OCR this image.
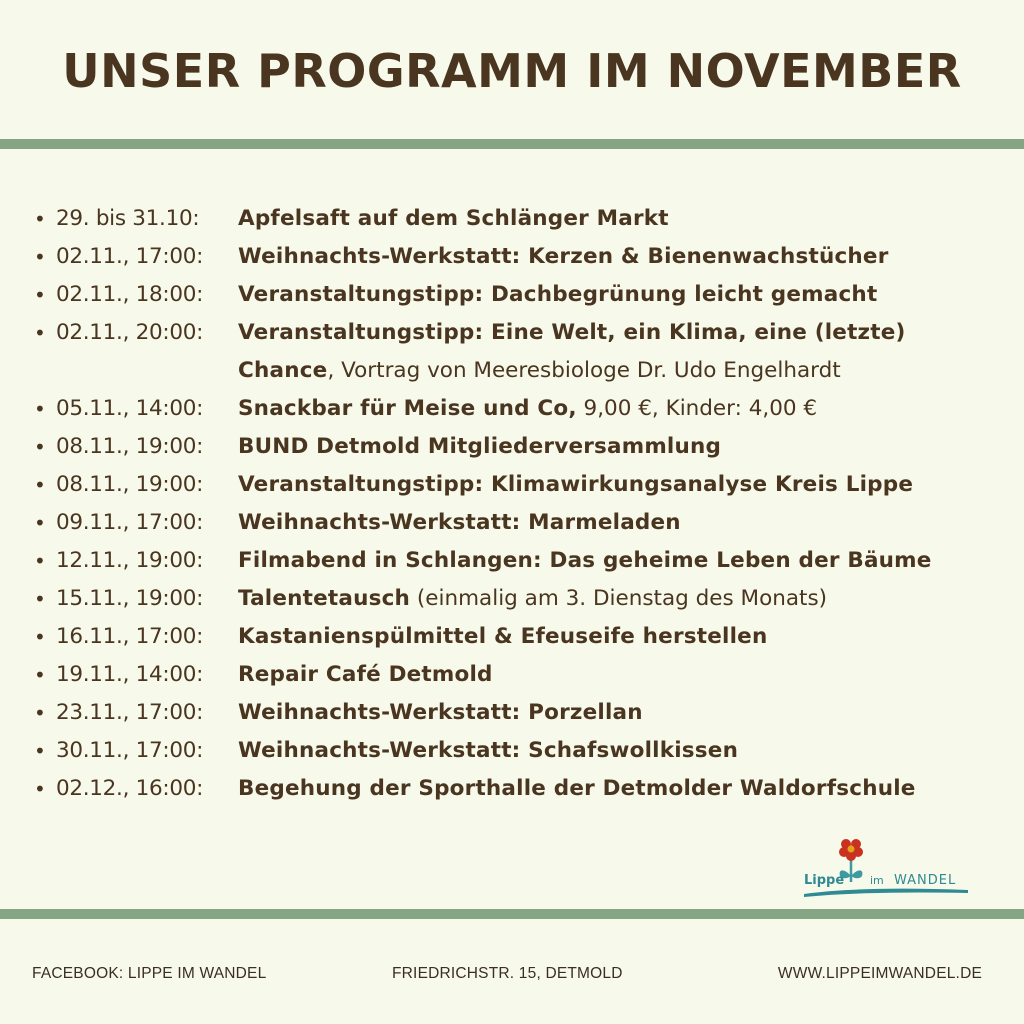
UNSER PROGRAMM IM NOVEMBER
• 29. bis 31.10:	Apfelsaft auf dem Schlänger Markt
• 02.11., 17:00:	Weihnachts-Werkstatt: Kerzen & Bienenwachstücher
• 02.11., 18:00:	Veranstaltungstipp: Dachbegrünung leicht gemacht
• 02.11., 20:00:	Veranstaltungstipp: Eine Welt, ein Klima, eine (letzte)
Chance, Vortrag von Meeresbiologe Dr. Udo Engelhardt
• 05.11., 14:00:	Snackbar für Meise und Co, 9,00 €, Kinder: 4,00 €
• 08.11., 19:00:	BUND Detmold Mitgliederversammlung
• 08.11., 19:00:	Veranstaltungstipp: Klimawirkungsanalyse Kreis Lippe
• 09.11., 17:00:	Weihnachts-Werkstatt: Marmeladen
• 12.11., 19:00:	Filmabend in Schlangen: Das geheime Leben der Bäume
• 15.11., 19:00:	Talentetausch (einmalig am 3. Dienstag des Monats)
• 16.11., 17:00:	Kastanienspülmittel & Efeuseife herstellen
• 19.11., 14:00:	Repair Café Detmold
• 23.11., 17:00:	Weihnachts-Werkstatt: Porzellan
• 30.11., 17:00:	Weihnachts-Werkstatt: Schafswollkissen
• 02.12., 16:00:	Begehung der Sporthalle der Detmolder Waldorfschule
Lippe im WANDEL
FACEBOOK: LIPPE IM WANDEL	FRIEDRICHSTR. 15, DETMOLD	WWW.LIPPEIMWANDEL.DE
